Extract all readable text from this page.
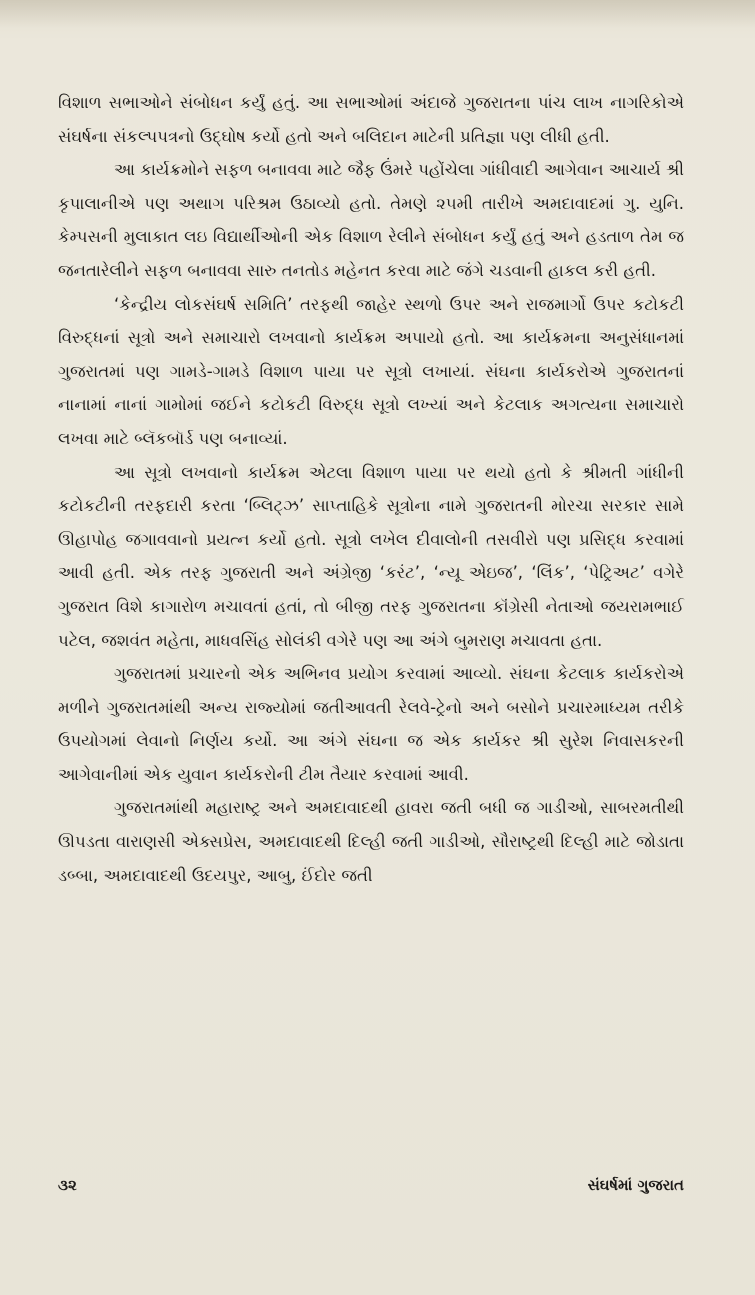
વિશાળ સભાઓને સંબોધન કર્યું હતું. આ સભાઓમાં અંદાજે ગુજરાતના પાંચ લાખ નાગરિકોએ સંઘર્ષના સંકલ્પપત્રનો ઉદ્‌ઘોષ કર્યો હતો અને બલિદાન માટેની પ્રતિજ્ઞા પણ લીધી હતી.

આ કાર્યક્રમોને સફળ બનાવવા માટે જૈફ ઉંમરે પહોંચેલા ગાંધીવાદી આગેવાન આચાર્ય શ્રી કૃપાલાનીએ પણ અથાગ પરિશ્રમ ઉઠાવ્યો હતો. તેમણે ૨૫મી તારીખે અમદાવાદમાં ગુ. યુનિ. કેમ્પસની મુલાકાત લઇ વિદ્યાર્થીઓની એક વિશાળ રેલીને સંબોધન કર્યું હતું અને હડતાળ તેમ જ જનતારેલીને સફળ બનાવવા સારુ તનતોડ મહેનત કરવા માટે જંગે ચડવાની હાકલ કરી હતી.

‘કેન્દ્રીય લોકસંઘર્ષ સમિતિ’ તરફથી જાહેર સ્થળો ઉપર અને રાજમાર્ગો ઉપર કટોકટી વિરુદ્ધનાં સૂત્રો અને સમાચારો લખવાનો કાર્યક્રમ અપાયો હતો. આ કાર્યક્રમના અનુસંધાનમાં ગુજરાતમાં પણ ગામડે-ગામડે વિશાળ પાયા પર સૂત્રો લખાયાં. સંઘના કાર્યકરોએ ગુજરાતનાં નાનામાં નાનાં ગામોમાં જઈને કટોકટી વિરુદ્ધ સૂત્રો લખ્યાં અને કેટલાક અગત્યના સમાચારો લખવા માટે બ્લૅકબૉર્ડ પણ બનાવ્યાં.

આ સૂત્રો લખવાનો કાર્યક્રમ એટલા વિશાળ પાયા પર થયો હતો કે શ્રીમતી ગાંધીની કટોકટીની તરફદારી કરતા ‘બ્લિટ્ઝ’ સાપ્તાહિકે સૂત્રોના નામે ગુજરાતની મોરચા સરકાર સામે ઊહાપોહ જગાવવાનો પ્રયત્ન કર્યો હતો. સૂત્રો લખેલ દીવાલોની તસવીરો પણ પ્રસિદ્ધ કરવામાં આવી હતી. એક તરફ ગુજરાતી અને અંગ્રેજી ‘કરંટ’, ‘ન્યૂ એઇજ’, ‘લિંક’, ‘પેટ્રિઅટ’ વગેરે ગુજરાત વિશે કાગારોળ મચાવતાં હતાં, તો બીજી તરફ ગુજરાતના કૉંગ્રેસી નેતાઓ જયરામભાઈ પટેલ, જશવંત મહેતા, માધવસિંહ સોલંકી વગેરે પણ આ અંગે બુમરાણ મચાવતા હતા.

ગુજરાતમાં પ્રચારનો એક અભિનવ પ્રયોગ કરવામાં આવ્યો. સંઘના કેટલાક કાર્યકરોએ મળીને ગુજરાતમાંથી અન્ય રાજ્યોમાં જતીઆવતી રેલવે-ટ્રેનો અને બસોને પ્રચારમાધ્યમ તરીકે ઉપયોગમાં લેવાનો નિર્ણય કર્યો. આ અંગે સંઘના જ એક કાર્યકર શ્રી સુરેશ નિવાસકરની આગેવાનીમાં એક યુવાન કાર્યકરોની ટીમ તૈયાર કરવામાં આવી.

ગુજરાતમાંથી મહારાષ્ટ્ર અને અમદાવાદથી હાવરા જતી બધી જ ગાડીઓ, સાબરમતીથી ઊપડતા વારાણસી એક્સપ્રેસ, અમદાવાદથી દિલ્હી જતી ગાડીઓ, સૌરાષ્ટ્રથી દિલ્હી માટે જોડાતા ડબ્બા, અમદાવાદથી ઉદયપુર, આબુ, ઈંદોર જતી

૩૨	સંઘર્ષમાં ગુજરાત
